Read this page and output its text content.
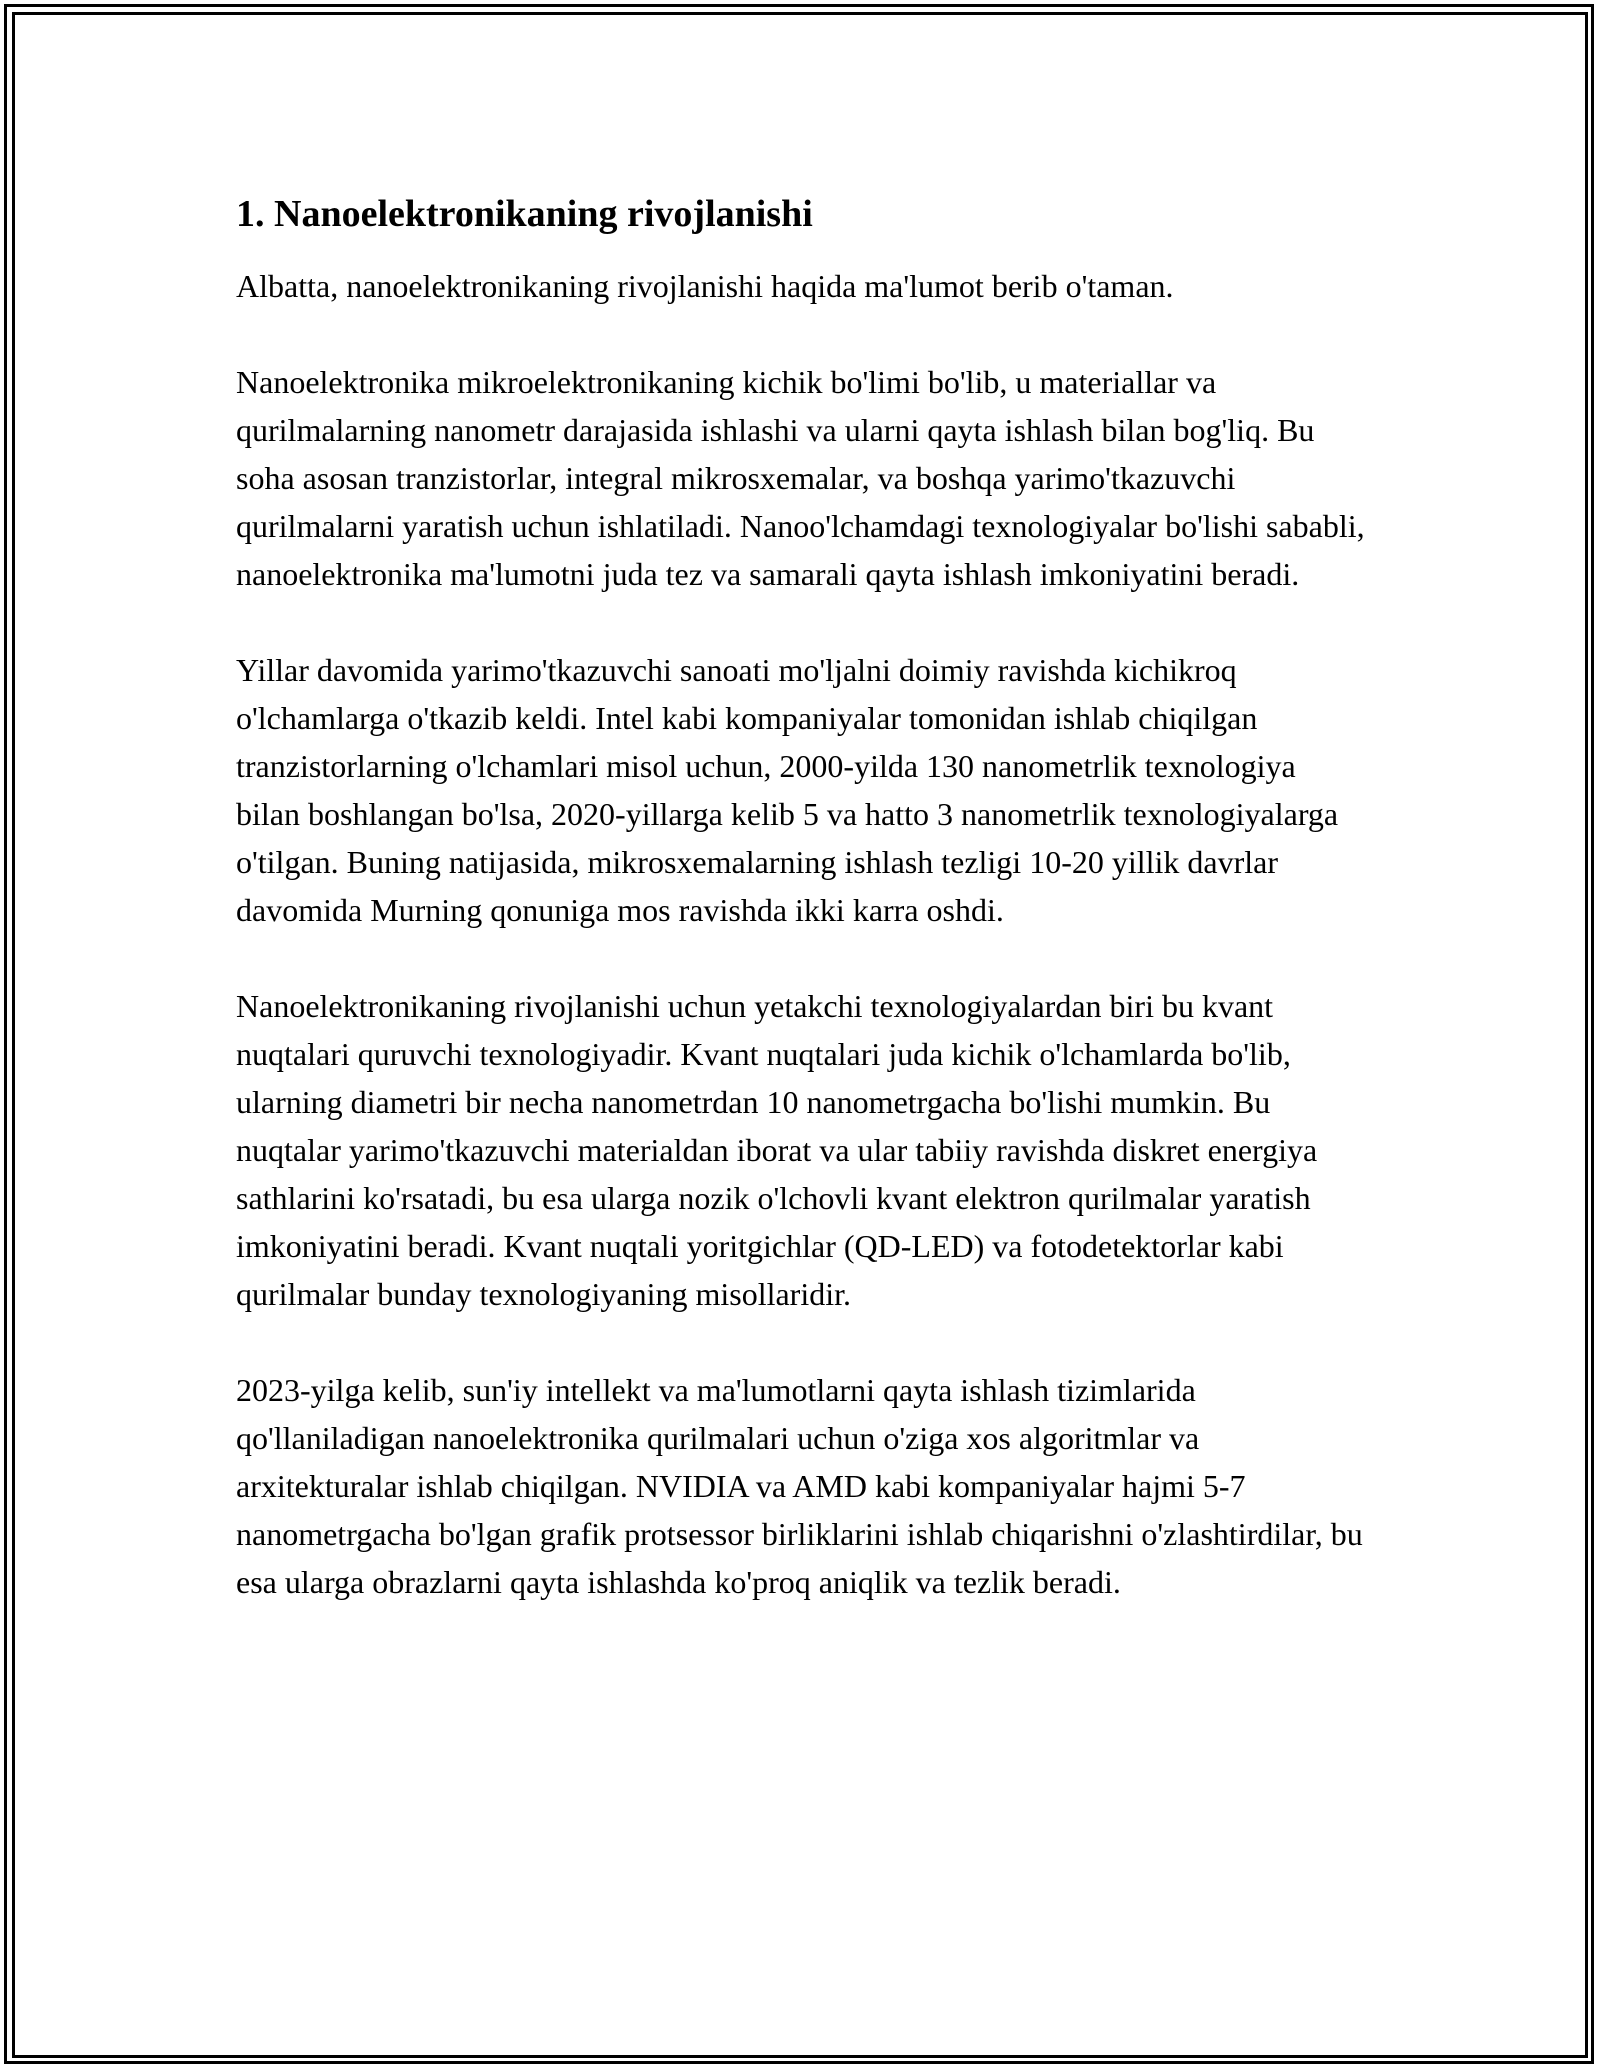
1. Nanoelektronikaning rivojlanishi

Albatta, nanoelektronikaning rivojlanishi haqida ma'lumot berib o'taman.

Nanoelektronika mikroelektronikaning kichik bo'limi bo'lib, u materiallar va qurilmalarning nanometr darajasida ishlashi va ularni qayta ishlash bilan bog'liq. Bu soha asosan tranzistorlar, integral mikrosxemalar, va boshqa yarimo'tkazuvchi qurilmalarni yaratish uchun ishlatiladi. Nanoo'lchamdagi texnologiyalar bo'lishi sababli, nanoelektronika ma'lumotni juda tez va samarali qayta ishlash imkoniyatini beradi.

Yillar davomida yarimo'tkazuvchi sanoati mo'ljalni doimiy ravishda kichikroq o'lchamlarga o'tkazib keldi. Intel kabi kompaniyalar tomonidan ishlab chiqilgan tranzistorlarning o'lchamlari misol uchun, 2000-yilda 130 nanometrlik texnologiya bilan boshlangan bo'lsa, 2020-yillarga kelib 5 va hatto 3 nanometrlik texnologiyalarga o'tilgan. Buning natijasida, mikrosxemalarning ishlash tezligi 10-20 yillik davrlar davomida Murning qonuniga mos ravishda ikki karra oshdi.

Nanoelektronikaning rivojlanishi uchun yetakchi texnologiyalardan biri bu kvant nuqtalari quruvchi texnologiyadir. Kvant nuqtalari juda kichik o'lchamlarda bo'lib, ularning diametri bir necha nanometrdan 10 nanometrgacha bo'lishi mumkin. Bu nuqtalar yarimo'tkazuvchi materialdan iborat va ular tabiiy ravishda diskret energiya sathlarini ko'rsatadi, bu esa ularga nozik o'lchovli kvant elektron qurilmalar yaratish imkoniyatini beradi. Kvant nuqtali yoritgichlar (QD-LED) va fotodetektorlar kabi qurilmalar bunday texnologiyaning misollaridir.

2023-yilga kelib, sun'iy intellekt va ma'lumotlarni qayta ishlash tizimlarida qo'llaniladigan nanoelektronika qurilmalari uchun o'ziga xos algoritmlar va arxitekturalar ishlab chiqilgan. NVIDIA va AMD kabi kompaniyalar hajmi 5-7 nanometrgacha bo'lgan grafik protsessor birliklarini ishlab chiqarishni o'zlashtirdilar, bu esa ularga obrazlarni qayta ishlashda ko'proq aniqlik va tezlik beradi.
